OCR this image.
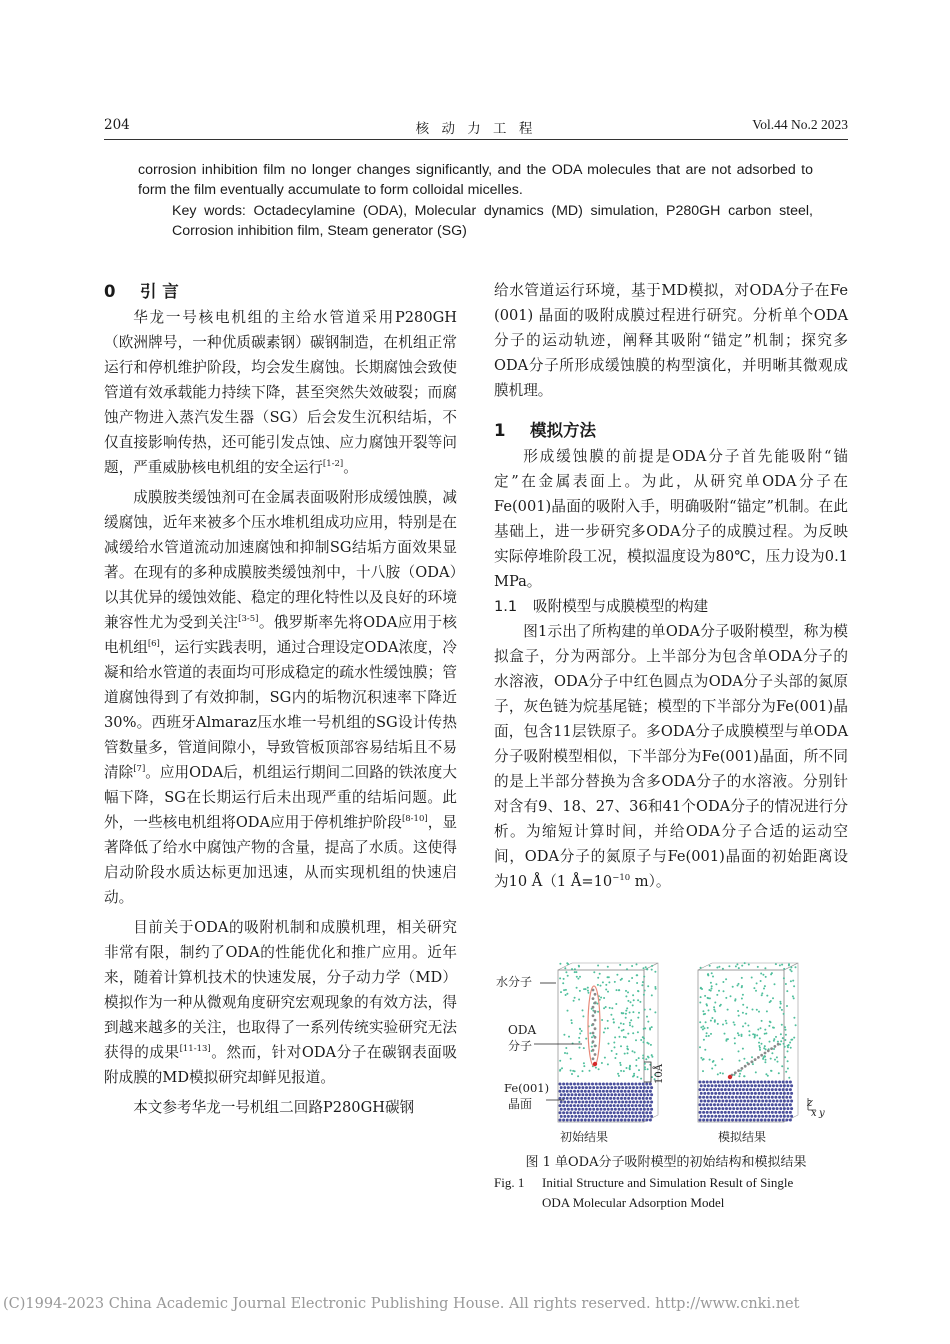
204	核 动 力 工 程	Vol.44 No.2 2023
corrosion inhibition film no longer changes significantly, and the ODA molecules that are not adsorbed to form the film eventually accumulate to form colloidal micelles.
Key words: Octadecylamine (ODA), Molecular dynamics (MD) simulation, P280GH carbon steel, Corrosion inhibition film, Steam generator (SG)
0 引 言

华龙一号核电机组的主给水管道采用P280GH（欧洲牌号，一种优质碳素钢）碳钢制造，在机组正常运行和停机维护阶段，均会发生腐蚀。长期腐蚀会致使管道有效承载能力持续下降，甚至突然失效破裂；而腐蚀产物进入蒸汽发生器（SG）后会发生沉积结垢，不仅直接影响传热，还可能引发点蚀、应力腐蚀开裂等问题，严重威胁核电机组的安全运行[1-2]。

成膜胺类缓蚀剂可在金属表面吸附形成缓蚀膜，减缓腐蚀，近年来被多个压水堆机组成功应用，特别是在减缓给水管道流动加速腐蚀和抑制SG结垢方面效果显著。在现有的多种成膜胺类缓蚀剂中，十八胺（ODA）以其优异的缓蚀效能、稳定的理化特性以及良好的环境兼容性尤为受到关注[3-5]。俄罗斯率先将ODA应用于核电机组[6]，运行实践表明，通过合理设定ODA浓度，冷凝和给水管道的表面均可形成稳定的疏水性缓蚀膜；管道腐蚀得到了有效抑制，SG内的垢物沉积速率下降近30%。西班牙Almaraz压水堆一号机组的SG设计传热管数量多，管道间隙小，导致管板顶部容易结垢且不易清除[7]。应用ODA后，机组运行期间二回路的铁浓度大幅下降，SG在长期运行后未出现严重的结垢问题。此外，一些核电机组将ODA应用于停机维护阶段[8-10]，显著降低了给水中腐蚀产物的含量，提高了水质。这使得启动阶段水质达标更加迅速，从而实现机组的快速启动。

目前关于ODA的吸附机制和成膜机理，相关研究非常有限，制约了ODA的性能优化和推广应用。近年来，随着计算机技术的快速发展，分子动力学（MD）模拟作为一种从微观角度研究宏观现象的有效方法，得到越来越多的关注，也取得了一系列传统实验研究无法获得的成果[11-13]。然而，针对ODA分子在碳钢表面吸附成膜的MD模拟研究却鲜见报道。

本文参考华龙一号机组二回路P280GH碳钢

给水管道运行环境，基于MD模拟，对ODA分子在Fe (001) 晶面的吸附成膜过程进行研究。分析单个ODA分子的运动轨迹，阐释其吸附“锚定”机制；探究多ODA分子所形成缓蚀膜的构型演化，并明晰其微观成膜机理。

1 模拟方法

形成缓蚀膜的前提是ODA分子首先能吸附“锚定”在金属表面上。为此，从研究单ODA分子在Fe(001)晶面的吸附入手，明确吸附“锚定”机制。在此基础上，进一步研究多ODA分子的成膜过程。为反映实际停堆阶段工况，模拟温度设为80℃，压力设为0.1 MPa。

1.1 吸附模型与成膜模型的构建

图1示出了所构建的单ODA分子吸附模型，称为模拟盒子，分为两部分。上半部分为包含单ODA分子的水溶液，ODA分子中红色圆点为ODA分子头部的氮原子，灰色链为烷基尾链；模型的下半部分为Fe(001)晶面，包含11层铁原子。多ODA分子成膜模型与单ODA分子吸附模型相似，下半部分为Fe(001)晶面，所不同的是上半部分替换为含多ODA分子的水溶液。分别针对含有9、18、27、36和41个ODA分子的情况进行分析。为缩短计算时间，并给ODA分子合适的运动空间，ODA分子的氮原子与Fe(001)晶面的初始距离设为10 Å（1 $Å=10^{-10}$ m）。

水分子
ODA
分子
Fe(001)
晶面
10Å
初始结果	模拟结果
z
x y
图 1 单ODA分子吸附模型的初始结构和模拟结果
Fig. 1 Initial Structure and Simulation Result of Single
ODA Molecular Adsorption Model
(C)1994-2023 China Academic Journal Electronic Publishing House. All rights reserved. http://www.cnki.net
